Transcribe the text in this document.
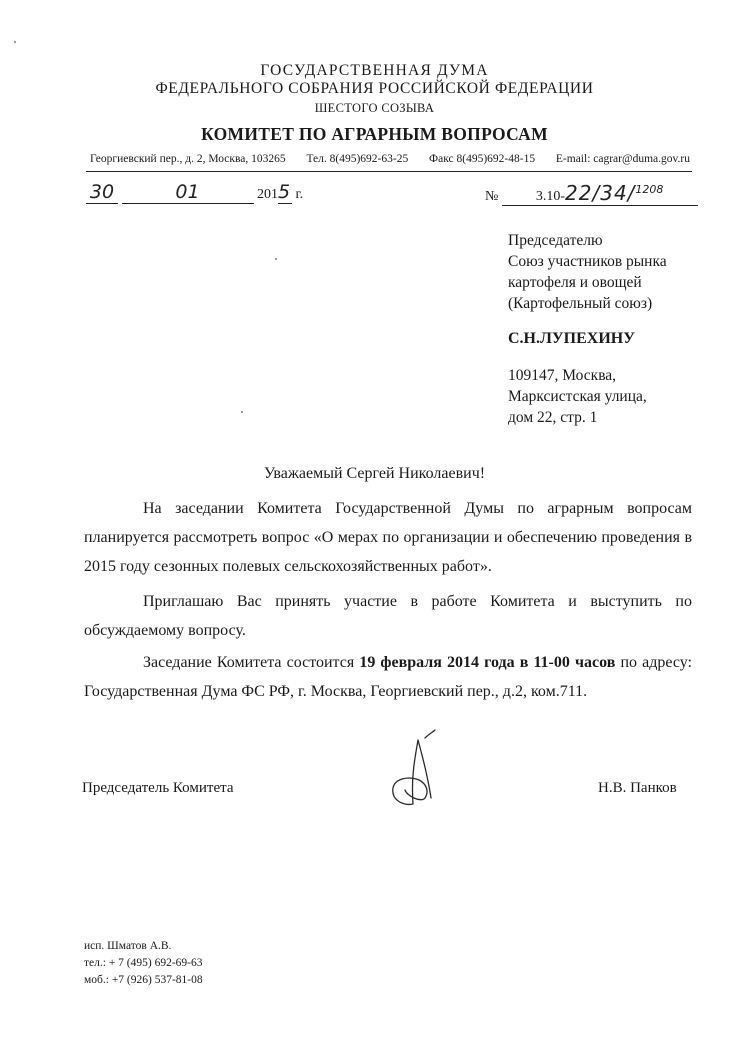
ГОСУДАРСТВЕННАЯ ДУМА
ФЕДЕРАЛЬНОГО СОБРАНИЯ РОССИЙСКОЙ ФЕДЕРАЦИИ
ШЕСТОГО СОЗЫВА
КОМИТЕТ ПО АГРАРНЫМ ВОПРОСАМ
Георгиевский пер., д. 2, Москва, 103265 Тел. 8(495)692-63-25 Факс 8(495)692-48-15 E-mail: cagrar@duma.gov.ru
30	01	2015 г.	№	3.10-22/34/$^{1208}$
Председателю
Союз участников рынка
картофеля и овощей
(Картофельный союз)
С.Н.ЛУПЕХИНУ
109147, Москва,
Марксистская улица,
дом 22, стр. 1
Уважаемый Сергей Николаевич!
На заседании Комитета Государственной Думы по аграрным вопросам планируется рассмотреть вопрос «О мерах по организации и обеспечению проведения в 2015 году сезонных полевых сельскохозяйственных работ».
Приглашаю Вас принять участие в работе Комитета и выступить по обсуждаемому вопросу.
Заседание Комитета состоится 19 февраля 2014 года в 11-00 часов по адресу: Государственная Дума ФС РФ, г. Москва, Георгиевский пер., д.2, ком.711.
Председатель Комитета	Н.В. Панков
исп. Шматов А.В.
тел.: + 7 (495) 692-69-63
моб.: +7 (926) 537-81-08
